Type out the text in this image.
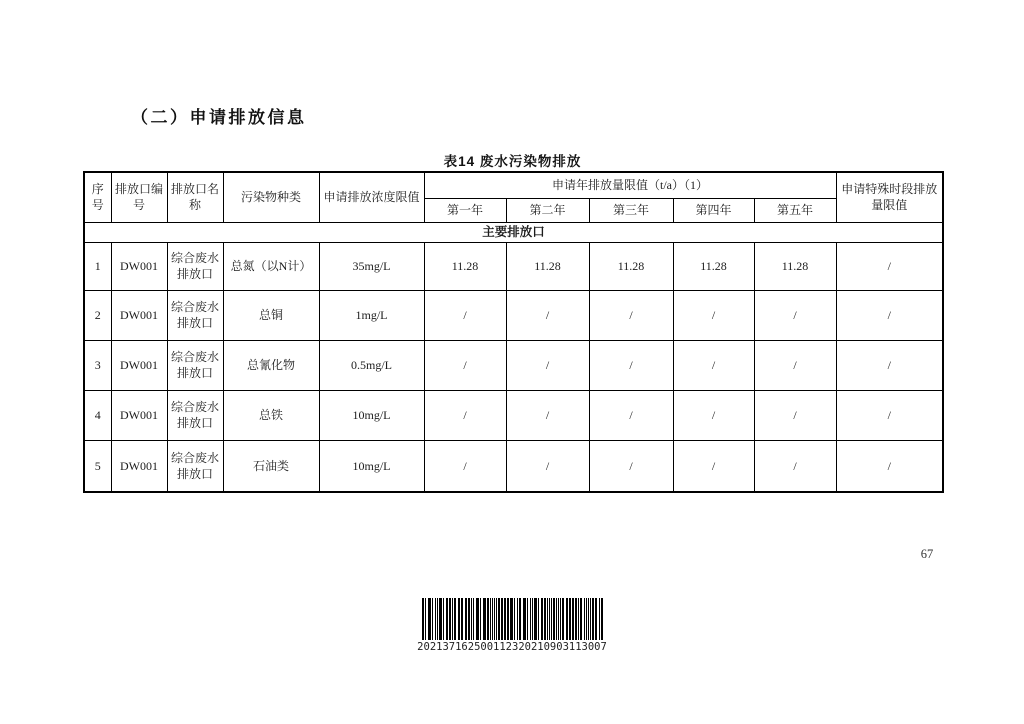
（二）申请排放信息
表14 废水污染物排放
序号	排放口编号	排放口名称	污染物种类	申请排放浓度限值	申请年排放量限值（t/a）（1）					申请特殊时段排放量限值
					第一年	第二年	第三年	第四年	第五年	
主要排放口										
1	DW001	综合废水排放口	总氮（以N计）	35mg/L	11.28	11.28	11.28	11.28	11.28	/
2	DW001	综合废水排放口	总铜	1mg/L	/	/	/	/	/	/
3	DW001	综合废水排放口	总氰化物	0.5mg/L	/	/	/	/	/	/
4	DW001	综合废水排放口	总铁	10mg/L	/	/	/	/	/	/
5	DW001	综合废水排放口	石油类	10mg/L	/	/	/	/	/	/
67
202137162500112320210903113007
